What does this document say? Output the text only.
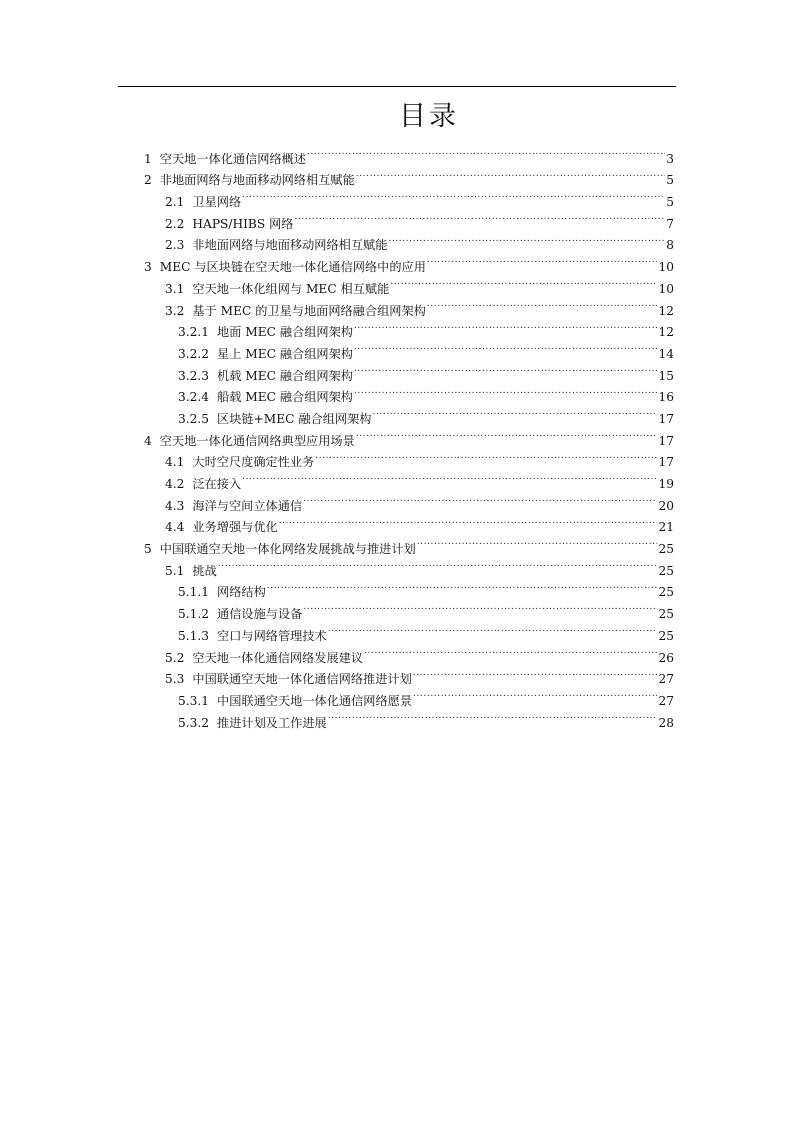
目录
1 空天地一体化通信网络概述 .....	3
2 非地面网络与地面移动网络相互赋能 .....	5
2.1 卫星网络 .....	5
2.2 HAPS/HIBS 网络 .....	7
2.3 非地面网络与地面移动网络相互赋能 .....	8
3 MEC 与区块链在空天地一体化通信网络中的应用 .....	10
3.1 空天地一体化组网与 MEC 相互赋能 .....	10
3.2 基于 MEC 的卫星与地面网络融合组网架构 .....	12
3.2.1 地面 MEC 融合组网架构 .....	12
3.2.2 星上 MEC 融合组网架构 .....	14
3.2.3 机载 MEC 融合组网架构 .....	15
3.2.4 船载 MEC 融合组网架构 .....	16
3.2.5 区块链+MEC 融合组网架构 .....	17
4 空天地一体化通信网络典型应用场景 .....	17
4.1 大时空尺度确定性业务 .....	17
4.2 泛在接入 .....	19
4.3 海洋与空间立体通信 .....	20
4.4 业务增强与优化 .....	21
5 中国联通空天地一体化网络发展挑战与推进计划 .....	25
5.1 挑战 .....	25
5.1.1 网络结构 .....	25
5.1.2 通信设施与设备 .....	25
5.1.3 空口与网络管理技术 .....	25
5.2 空天地一体化通信网络发展建议 .....	26
5.3 中国联通空天地一体化通信网络推进计划 .....	27
5.3.1 中国联通空天地一体化通信网络愿景 .....	27
5.3.2 推进计划及工作进展 .....	28
